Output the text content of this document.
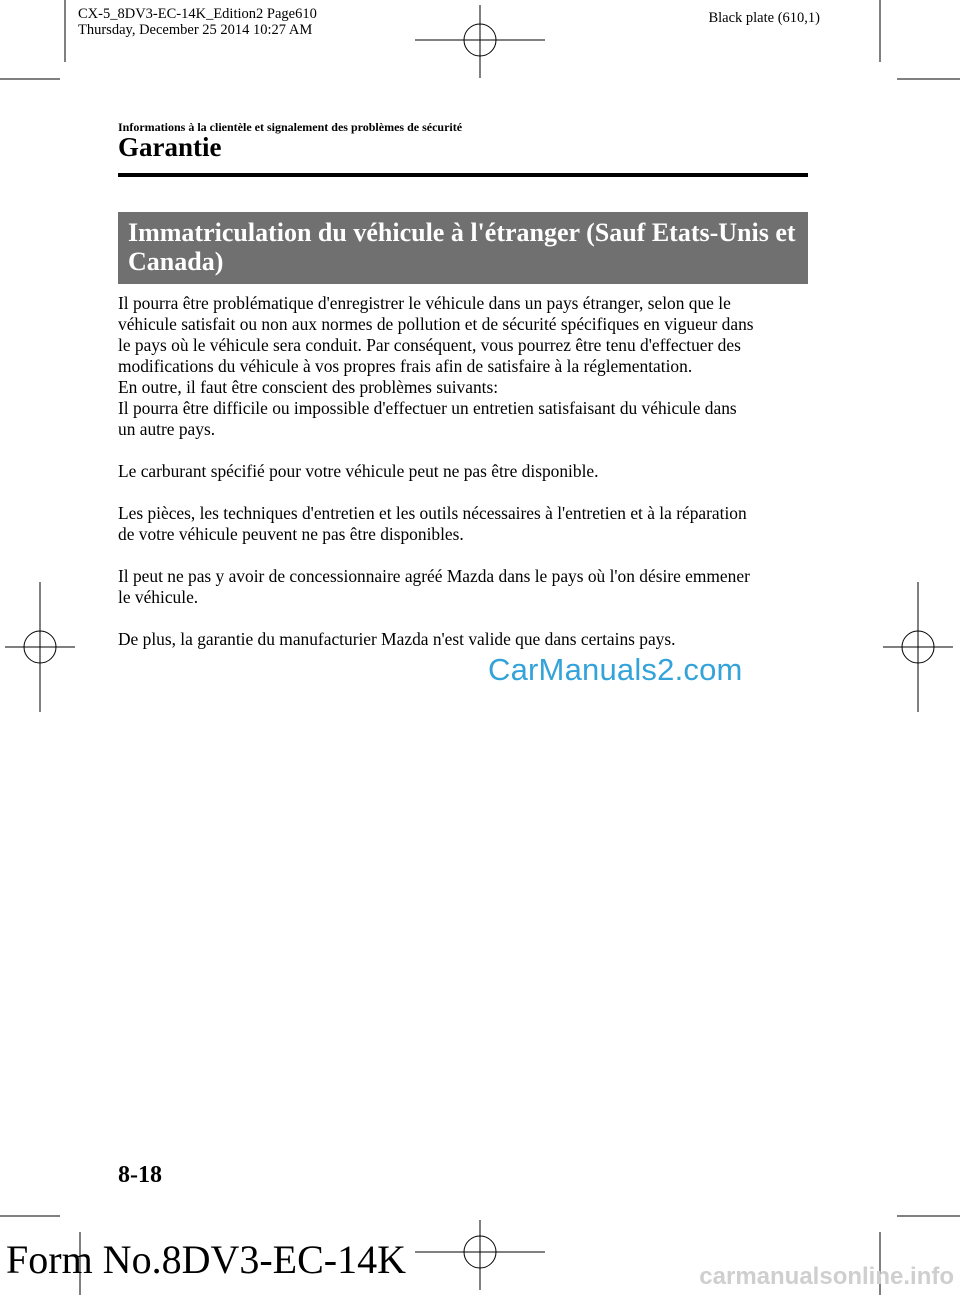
CX-5_8DV3-EC-14K_Edition2 Page610
Thursday, December 25 2014 10:27 AM
Black plate (610,1)
Informations à la clientèle et signalement des problèmes de sécurité
Garantie
Immatriculation du véhicule à l'étranger (Sauf Etats-Unis et
Canada)

Il pourra être problématique d'enregistrer le véhicule dans un pays étranger, selon que le

véhicule satisfait ou non aux normes de pollution et de sécurité spécifiques en vigueur dans

le pays où le véhicule sera conduit. Par conséquent, vous pourrez être tenu d'effectuer des

modifications du véhicule à vos propres frais afin de satisfaire à la réglementation.

En outre, il faut être conscient des problèmes suivants:

Il pourra être difficile ou impossible d'effectuer un entretien satisfaisant du véhicule dans

un autre pays.

Le carburant spécifié pour votre véhicule peut ne pas être disponible.

Les pièces, les techniques d'entretien et les outils nécessaires à l'entretien et à la réparation

de votre véhicule peuvent ne pas être disponibles.

Il peut ne pas y avoir de concessionnaire agréé Mazda dans le pays où l'on désire emmener

le véhicule.

De plus, la garantie du manufacturier Mazda n'est valide que dans certains pays.

CarManuals2.com
8-18
Form No.8DV3-EC-14K	carmanualsonline.info
